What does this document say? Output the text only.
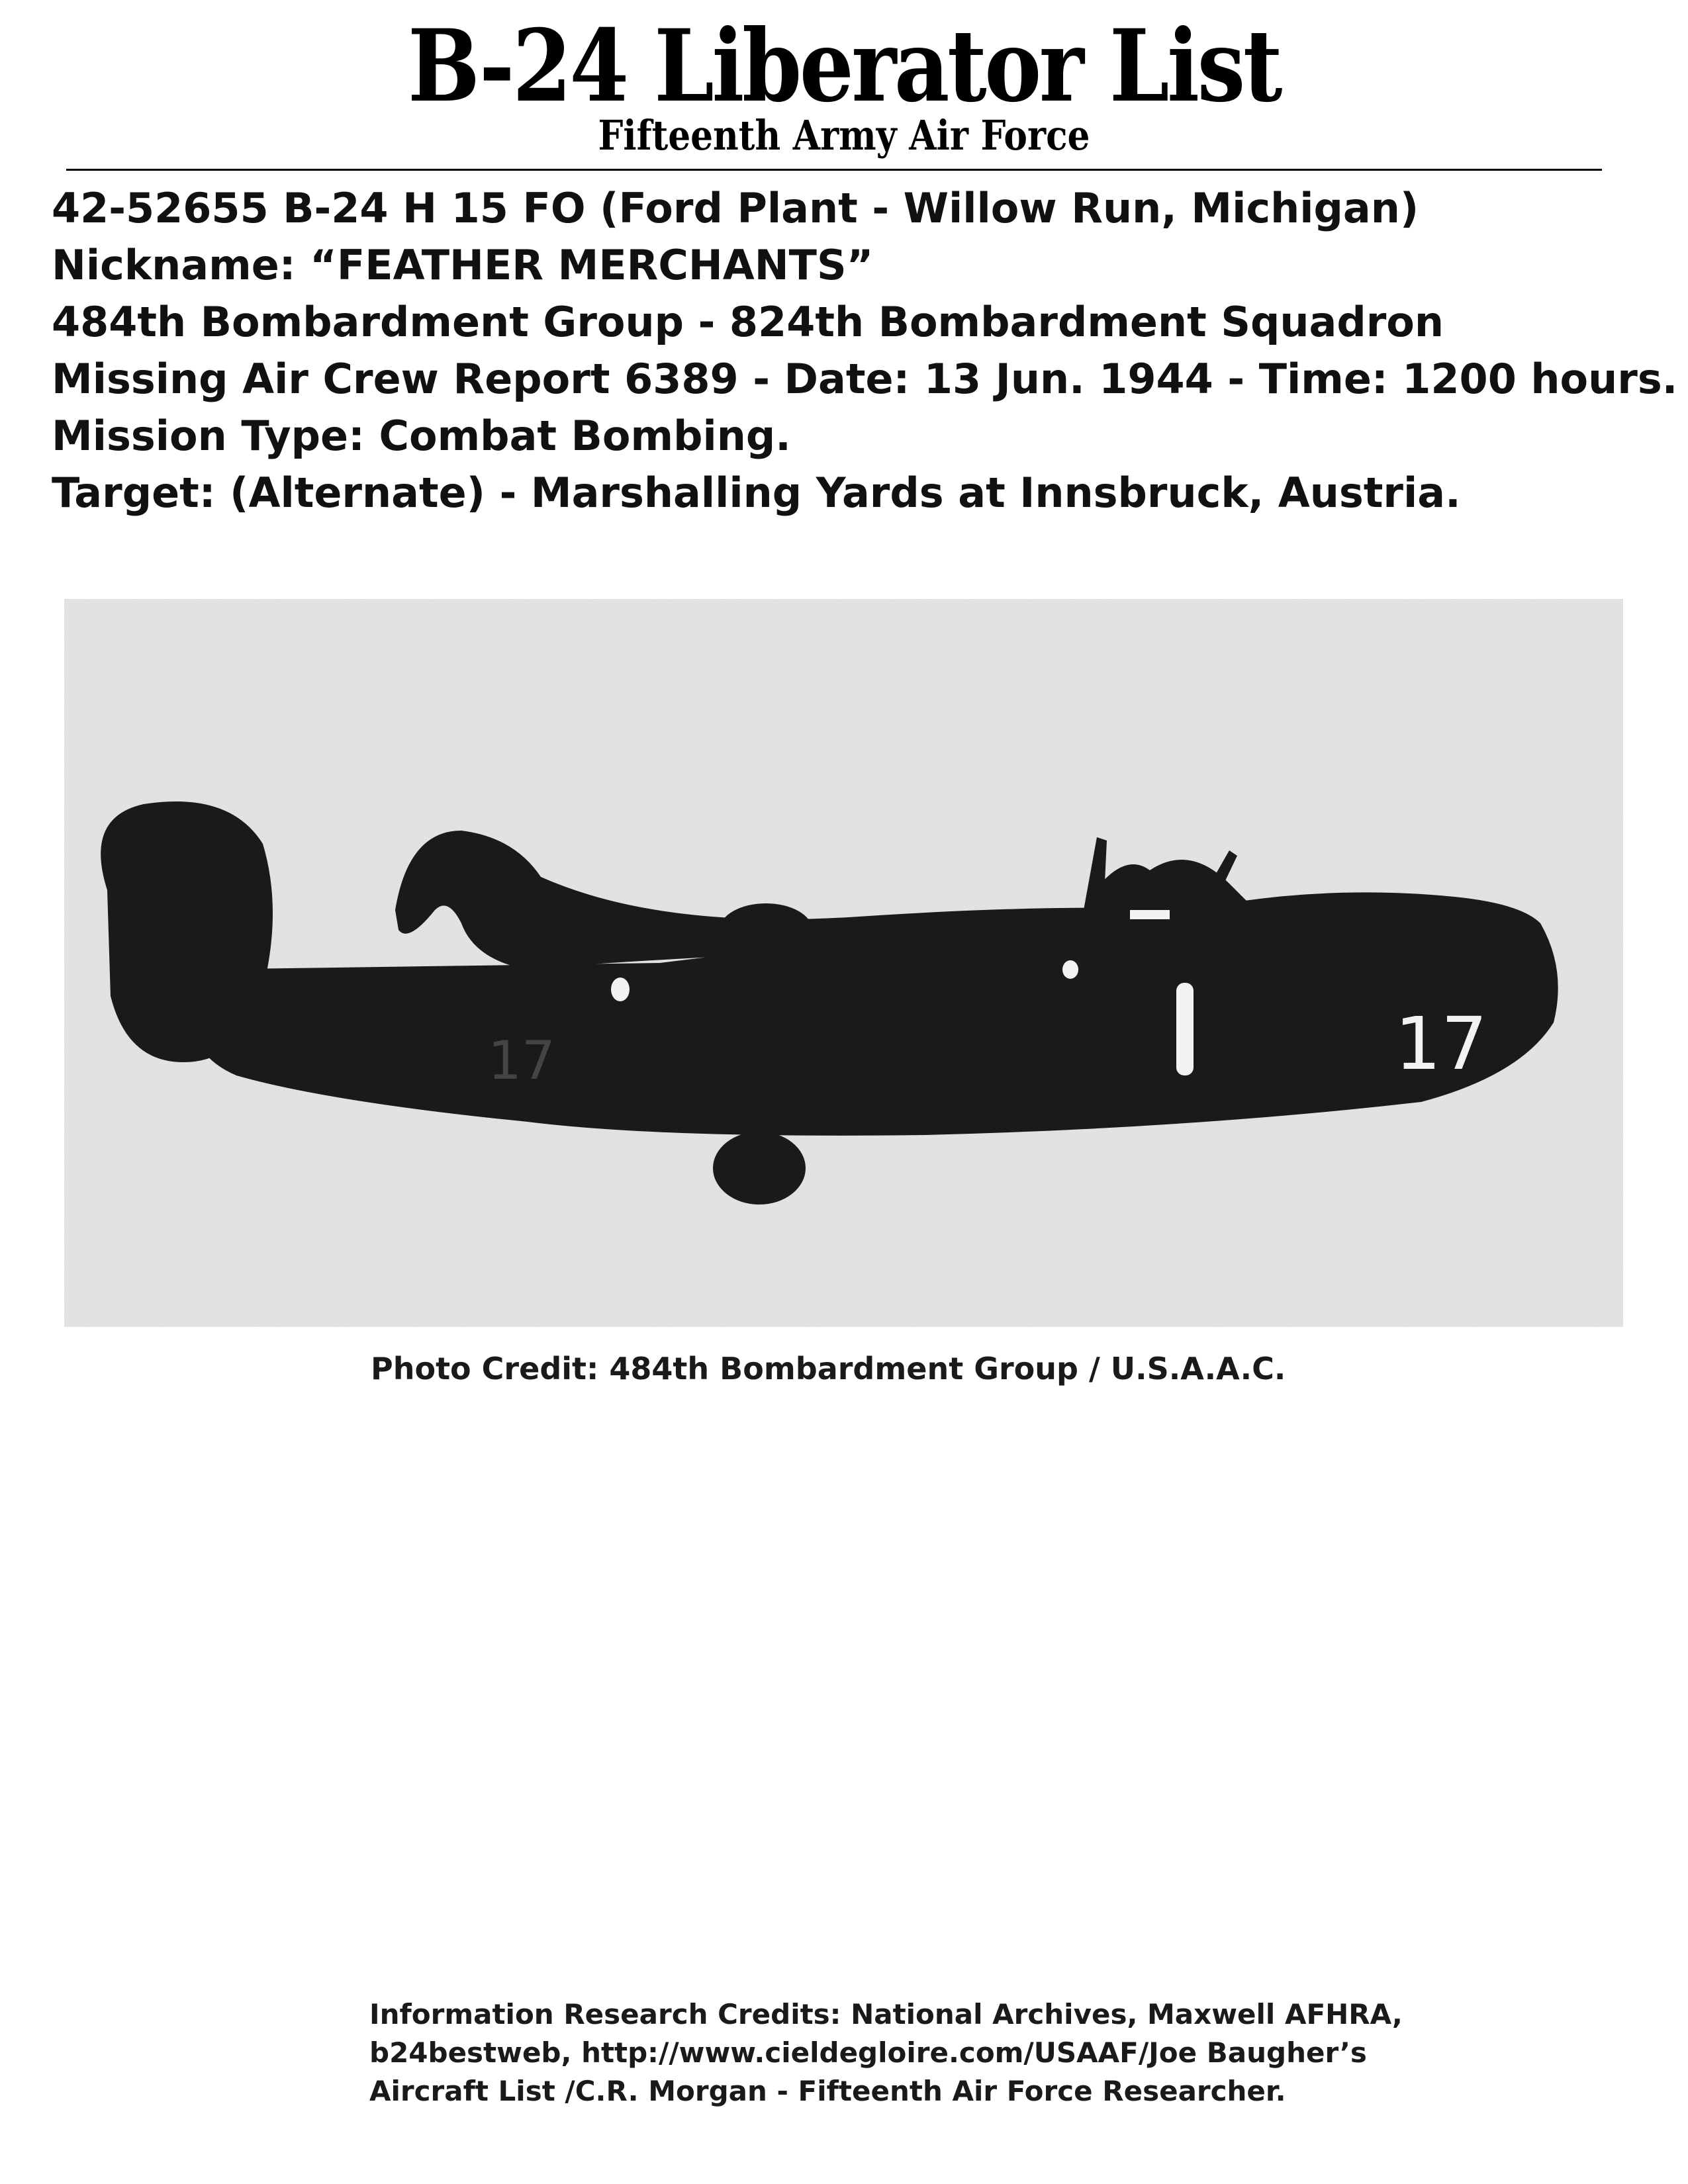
B-24 Liberator List
Fifteenth Army Air Force
42-52655 B-24 H 15 FO (Ford Plant - Willow Run, Michigan)
Nickname: “FEATHER MERCHANTS”
484th Bombardment Group - 824th Bombardment Squadron
Missing Air Crew Report 6389 - Date: 13 Jun. 1944 - Time: 1200 hours.
Mission Type: Combat Bombing.
Target: (Alternate) - Marshalling Yards at Innsbruck, Austria.
17
17
Photo Credit: 484th Bombardment Group / U.S.A.A.C.
Information Research Credits: National Archives, Maxwell AFHRA,
b24bestweb, http://www.cieldegloire.com/USAAF/Joe Baugher’s
Aircraft List /C.R. Morgan - Fifteenth Air Force Researcher.
